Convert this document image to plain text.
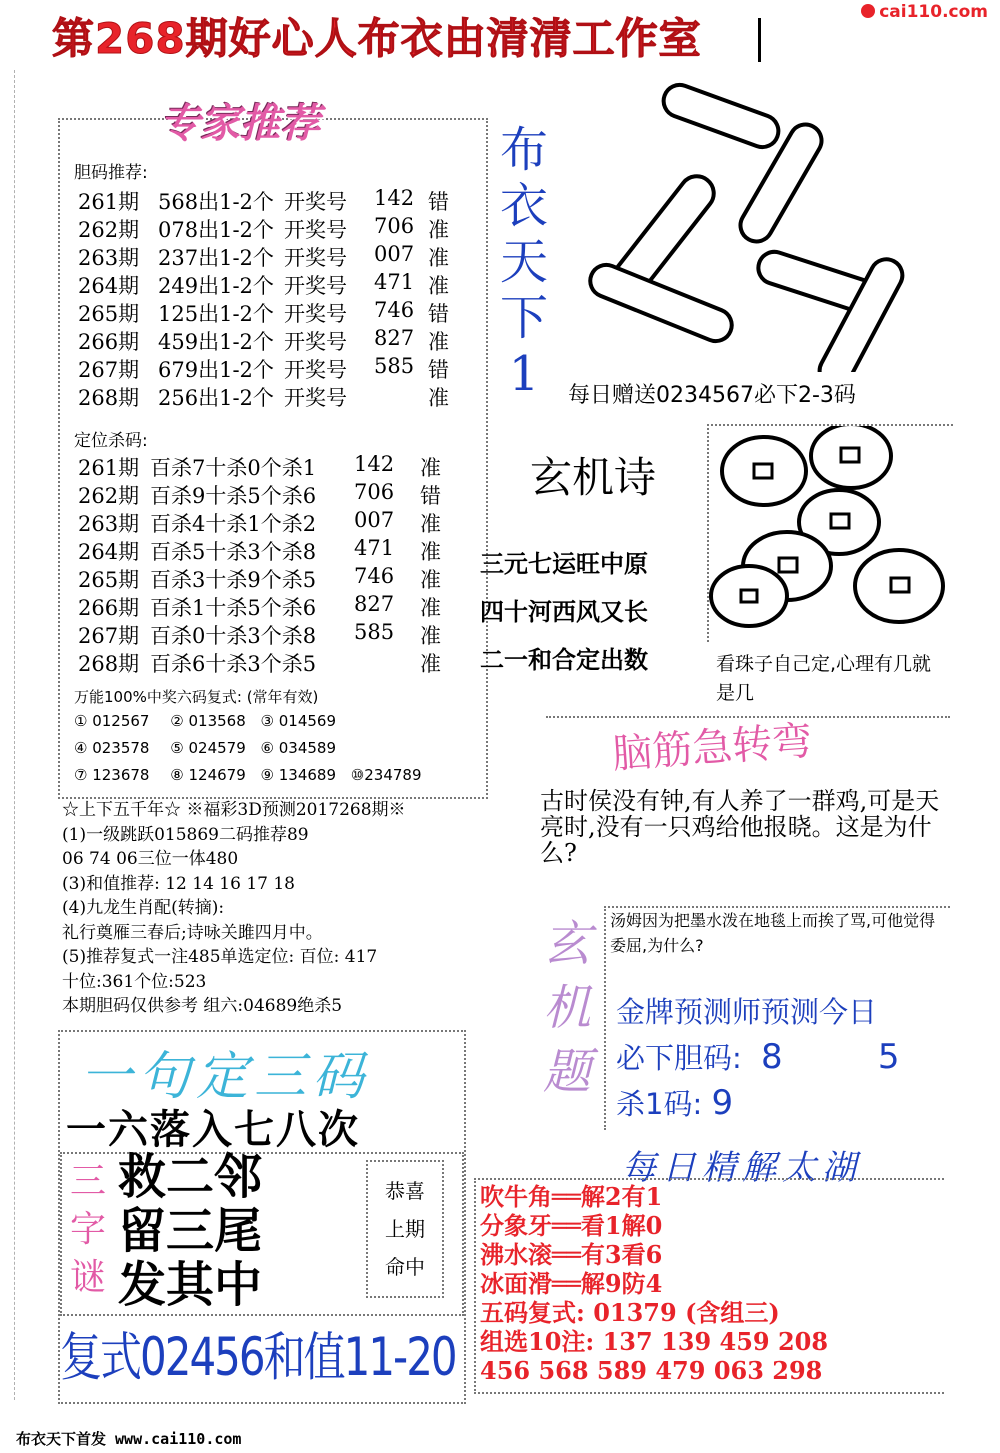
第268期好心人布衣由清清工作室
cai110.com
专家推荐
胆码推荐:
261期 568出1-2个 开奖号 142 错
262期 078出1-2个 开奖号 706 准
263期 237出1-2个 开奖号 007 准
264期 249出1-2个 开奖号 471 准
265期 125出1-2个 开奖号 746 错
266期 459出1-2个 开奖号 827 准
267期 679出1-2个 开奖号 585 错
268期 256出1-2个 开奖号	准
定位杀码:
261期 百杀7十杀0个杀1 142 准
262期 百杀9十杀5个杀6 706 错
263期 百杀4十杀1个杀2 007 准
264期 百杀5十杀3个杀8 471 准
265期 百杀3十杀9个杀5 746 准
266期 百杀1十杀5个杀6 827 准
267期 百杀0十杀3个杀8 585 准
268期 百杀6十杀3个杀5	准
万能100%中奖六码复式: (常年有效)
① 012567 ② 013568 ③ 014569
④ 023578 ⑤ 024579 ⑥ 034589
⑦ 123678 ⑧ 124679 ⑨ 134689 ⑩234789
☆上下五千年☆ ※福彩3D预测2017268期※
(1)一级跳跃015869二码推荐89
06 74 06三位一体480
(3)和值推荐: 12 14 16 17 18
(4)九龙生肖配(转摘):
礼行奠雁三春后;诗咏关雎四月中。
(5)推荐复式一注485单选定位: 百位: 417
十位:361个位:523
本期胆码仅供参考 组六:04689绝杀5
布
衣
天
下
1	每日赠送0234567必下2-3码
玄机诗
三元七运旺中原
四十河西风又长
二一和合定出数	看珠子自己定,心理有几就是几
脑筋急转弯
古时侯没有钟,有人养了一群鸡,可是天亮时,没有一只鸡给他报晓。这是为什么?
玄
机
题
汤姆因为把墨水泼在地毯上而挨了骂,可他觉得委屈,为什么?
金牌预测师预测今日
必下胆码: 8	5
杀1码: 9
每日精解太湖
吹牛角══解2有1
分象牙══看1解0
沸水滚══有3看6
冰面滑══解9防4
五码复式: 01379 (含组三)
组选10注: 137 139 459 208
456 568 589 479 063 298
一句定三码
一六落入七八次
三
字
谜
救二邻
留三尾
发其中
恭喜
上期
命中
复式02456和值11-20
布衣天下首发 www.cai110.com
